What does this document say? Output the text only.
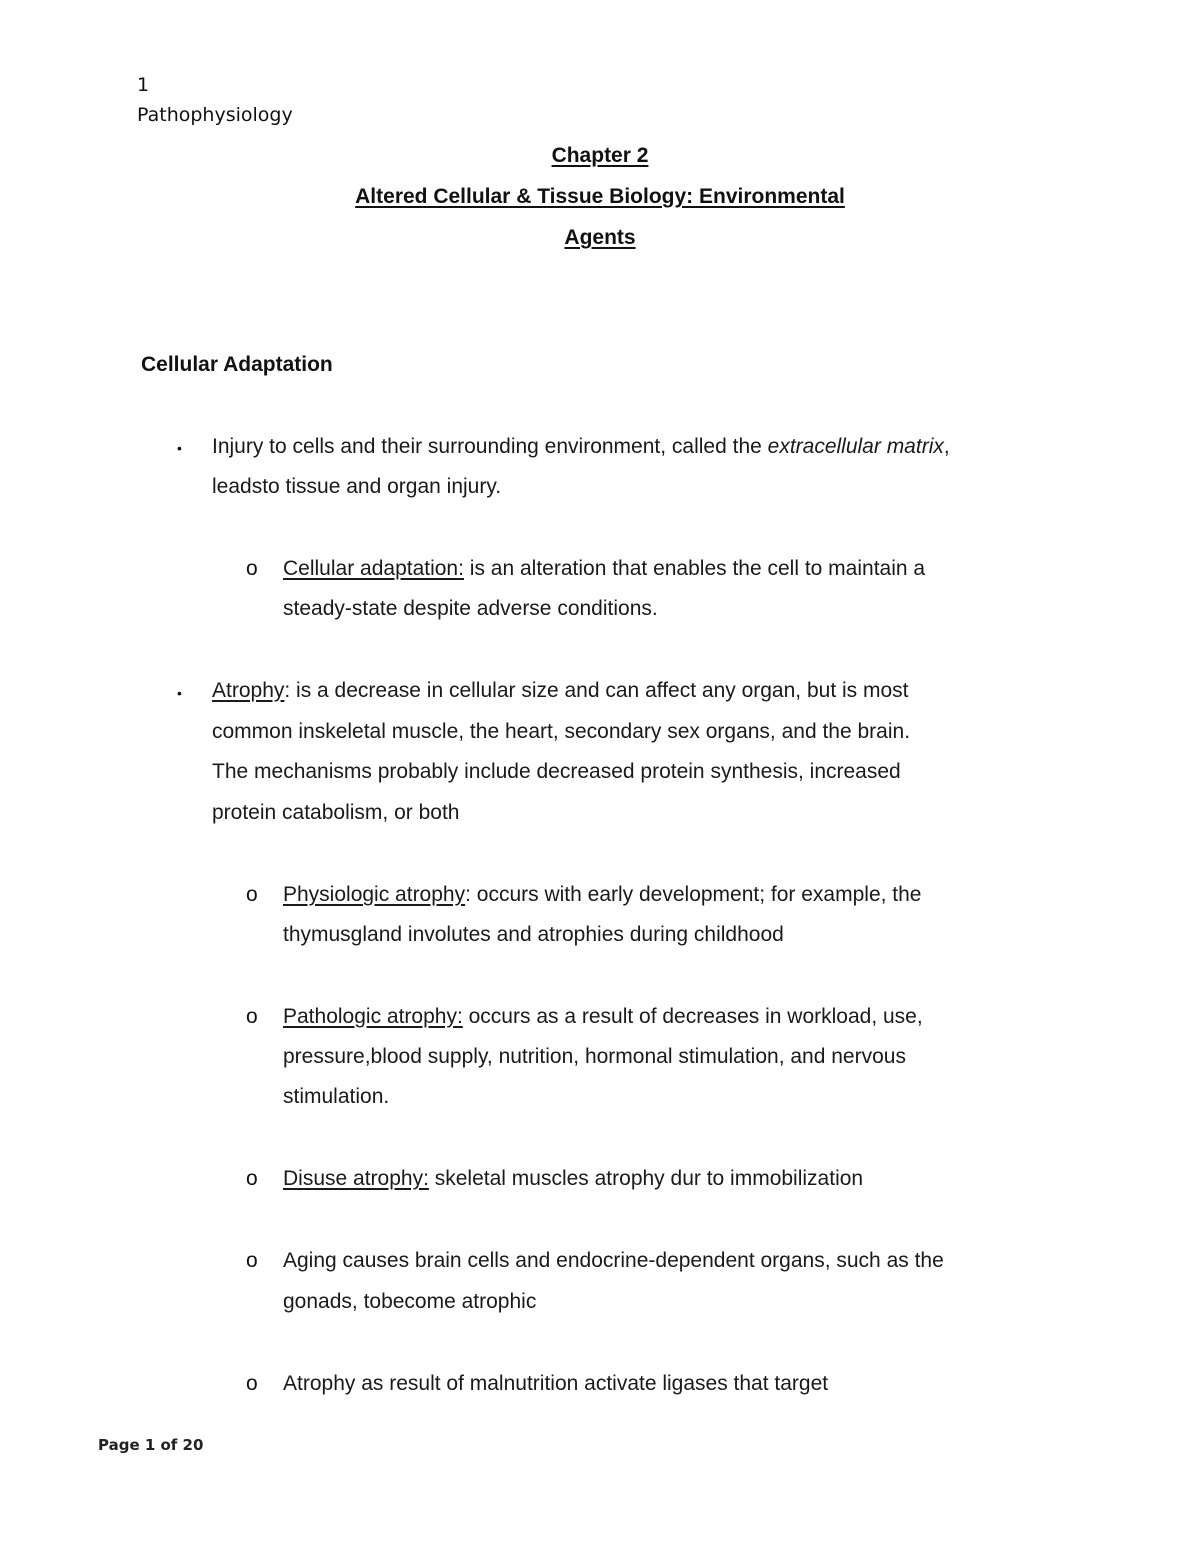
1
Pathophysiology
Chapter 2
Altered Cellular & Tissue Biology: Environmental
Agents
Cellular Adaptation
• Injury to cells and their surrounding environment, called the extracellular matrix,
leadsto tissue and organ injury.
o Cellular adaptation: is an alteration that enables the cell to maintain a
steady-state despite adverse conditions.
• Atrophy: is a decrease in cellular size and can affect any organ, but is most
common inskeletal muscle, the heart, secondary sex organs, and the brain.
The mechanisms probably include decreased protein synthesis, increased
protein catabolism, or both
o Physiologic atrophy: occurs with early development; for example, the
thymusgland involutes and atrophies during childhood
o Pathologic atrophy: occurs as a result of decreases in workload, use,
pressure,blood supply, nutrition, hormonal stimulation, and nervous
stimulation.
o Disuse atrophy: skeletal muscles atrophy dur to immobilization
o Aging causes brain cells and endocrine-dependent organs, such as the
gonads, tobecome atrophic
o Atrophy as result of malnutrition activate ligases that target
Page 1 of 20
